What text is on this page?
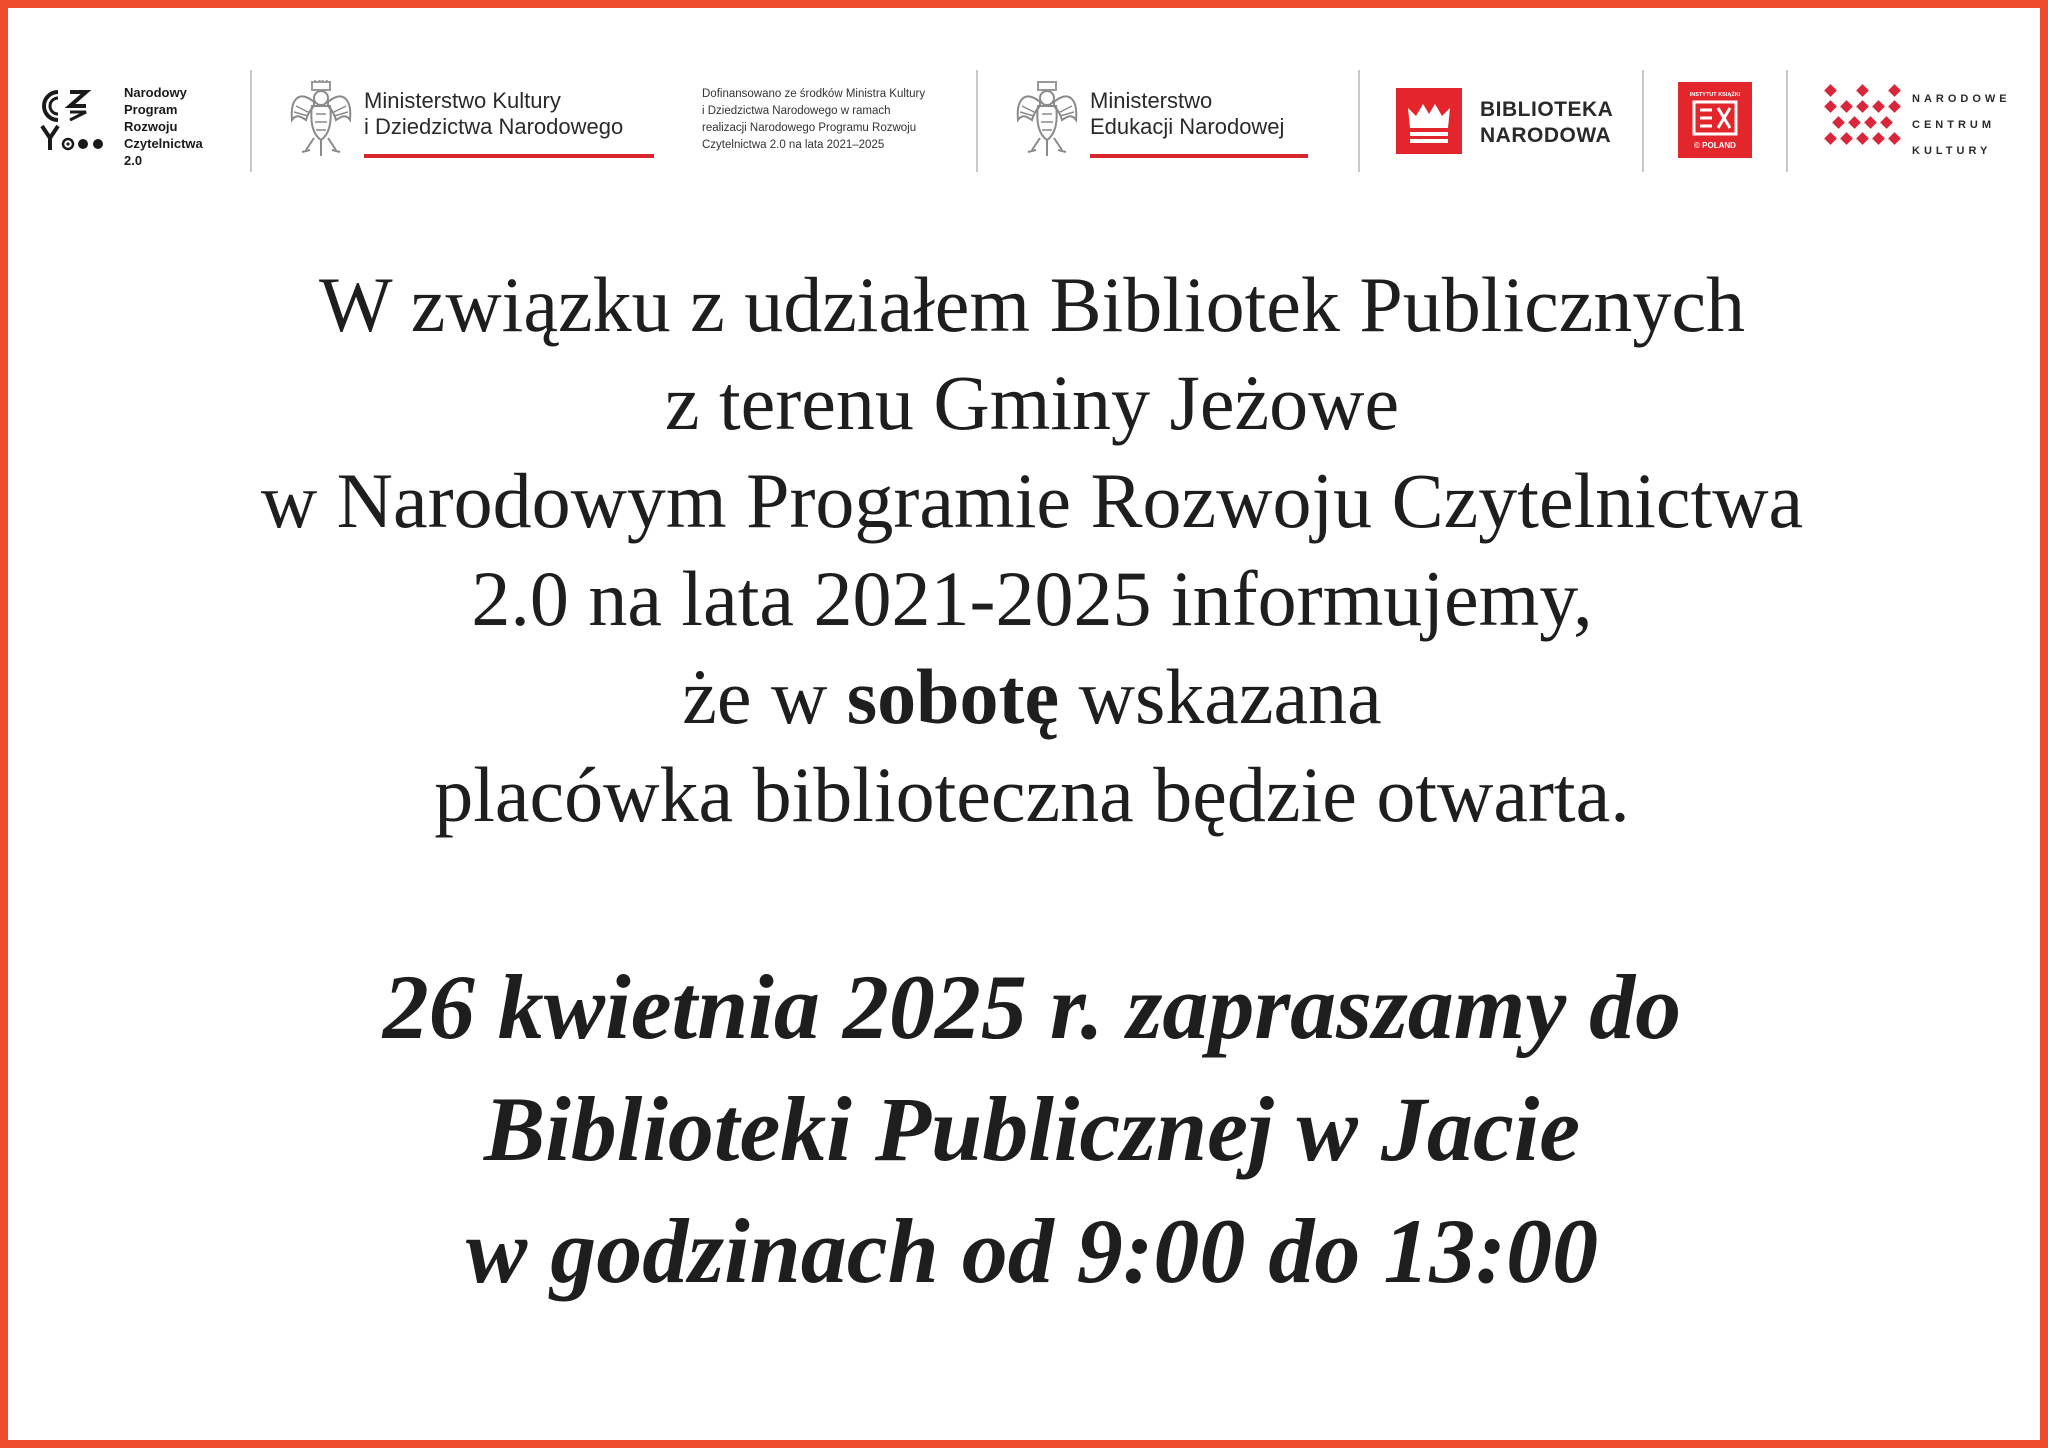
Narodowy
Program
Rozwoju
Czytelnictwa
2.0
Ministerstwo Kultury
i Dziedzictwa Narodowego
Dofinansowano ze środków Ministra Kultury
i Dziedzictwa Narodowego w ramach
realizacji Narodowego Programu Rozwoju
Czytelnictwa 2.0 na lata 2021–2025
Ministerstwo
Edukacji Narodowej
BIBLIOTEKA
NARODOWA
INSTYTUT KSIĄŻKI
© POLAND
NARODOWE
CENTRUM
KULTURY
W związku z udziałem Bibliotek Publicznych
z terenu Gminy Jeżowe
w Narodowym Programie Rozwoju Czytelnictwa
2.0 na lata 2021-2025 informujemy,
że w sobotę wskazana
placówka biblioteczna będzie otwarta.
26 kwietnia 2025 r. zapraszamy do
Biblioteki Publicznej w Jacie
w godzinach od 9:00 do 13:00
